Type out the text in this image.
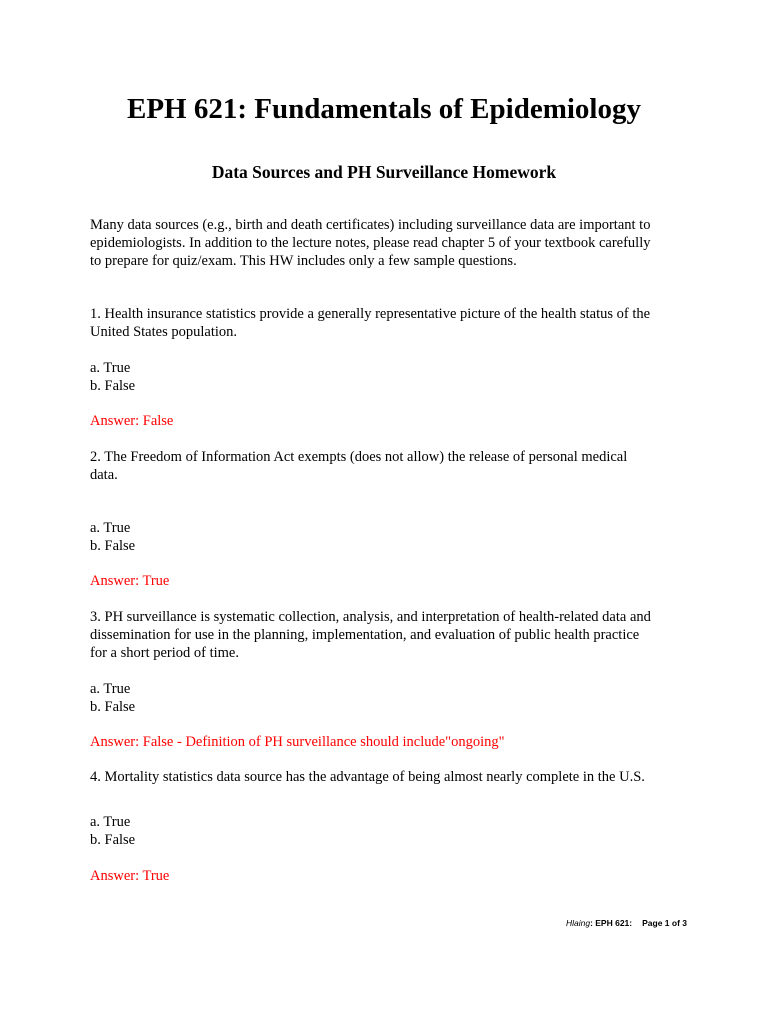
EPH 621: Fundamentals of Epidemiology
Data Sources and PH Surveillance Homework

Many data sources (e.g., birth and death certificates) including surveillance data are important to
epidemiologists. In addition to the lecture notes, please read chapter 5 of your textbook carefully
to prepare for quiz/exam. This HW includes only a few sample questions.

1. Health insurance statistics provide a generally representative picture of the health status of the
United States population.

a. True
b. False

Answer: False

2. The Freedom of Information Act exempts (does not allow) the release of personal medical
data.

a. True
b. False

Answer: True

3. PH surveillance is systematic collection, analysis, and interpretation of health-related data and
dissemination for use in the planning, implementation, and evaluation of public health practice
for a short period of time.

a. True
b. False

Answer: False - Definition of PH surveillance should include"ongoing"

4. Mortality statistics data source has the advantage of being almost nearly complete in the U.S.

a. True
b. False

Answer: True

Hlaing: EPH 621: Page 1 of 3
